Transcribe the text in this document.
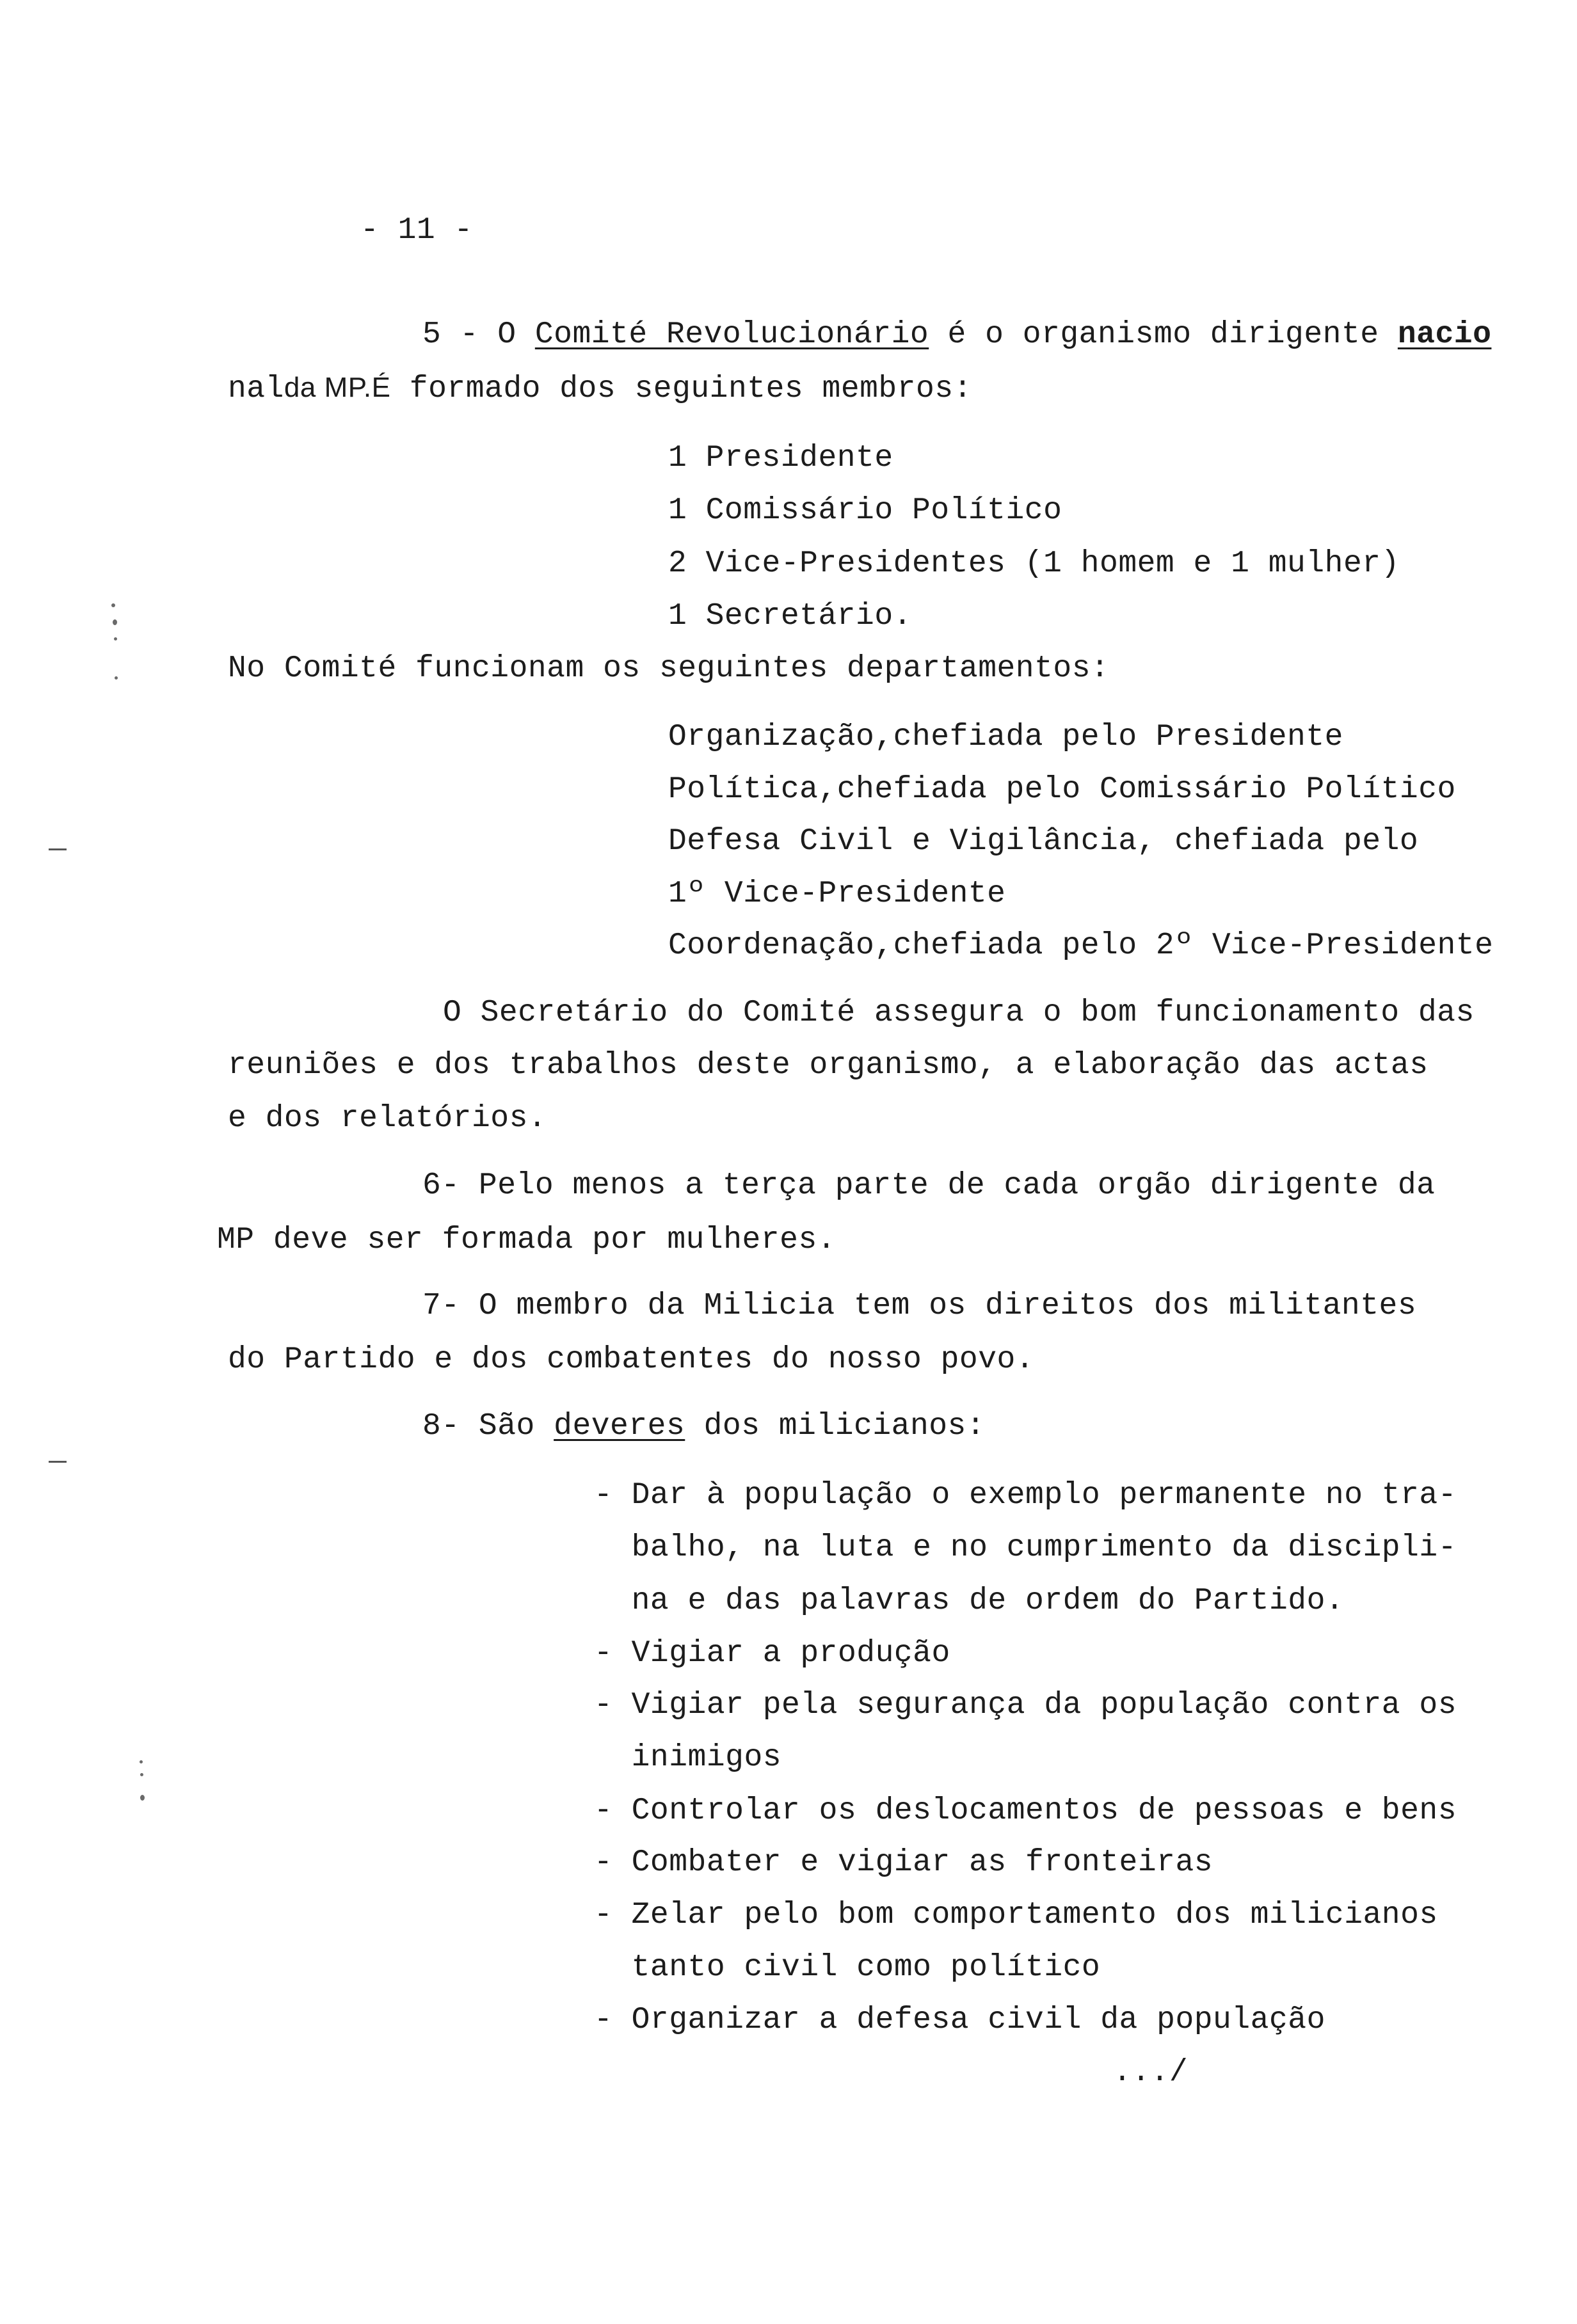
- 11 -
5 - O Comité Revolucionário é o organismo dirigente nacio
nalda MP.É formado dos seguintes membros:
1 Presidente
1 Comissário Político
2 Vice-Presidentes (1 homem e 1 mulher)
1 Secretário.
No Comité funcionam os seguintes departamentos:
Organização,chefiada pelo Presidente
Política,chefiada pelo Comissário Político
Defesa Civil e Vigilância, chefiada pelo
1º Vice-Presidente
Coordenação,chefiada pelo 2º Vice-Presidente
O Secretário do Comité assegura o bom funcionamento das
reuniões e dos trabalhos deste organismo, a elaboração das actas
e dos relatórios.
6- Pelo menos a terça parte de cada orgão dirigente da
MP deve ser formada por mulheres.
7- O membro da Milicia tem os direitos dos militantes
do Partido e dos combatentes do nosso povo.
8- São deveres dos milicianos:
- Dar à população o exemplo permanente no tra-
balho, na luta e no cumprimento da discipli-
na e das palavras de ordem do Partido.
- Vigiar a produção
- Vigiar pela segurança da população contra os
inimigos
- Controlar os deslocamentos de pessoas e bens
- Combater e vigiar as fronteiras
- Zelar pelo bom comportamento dos milicianos
tanto civil como político
- Organizar a defesa civil da população
.../
